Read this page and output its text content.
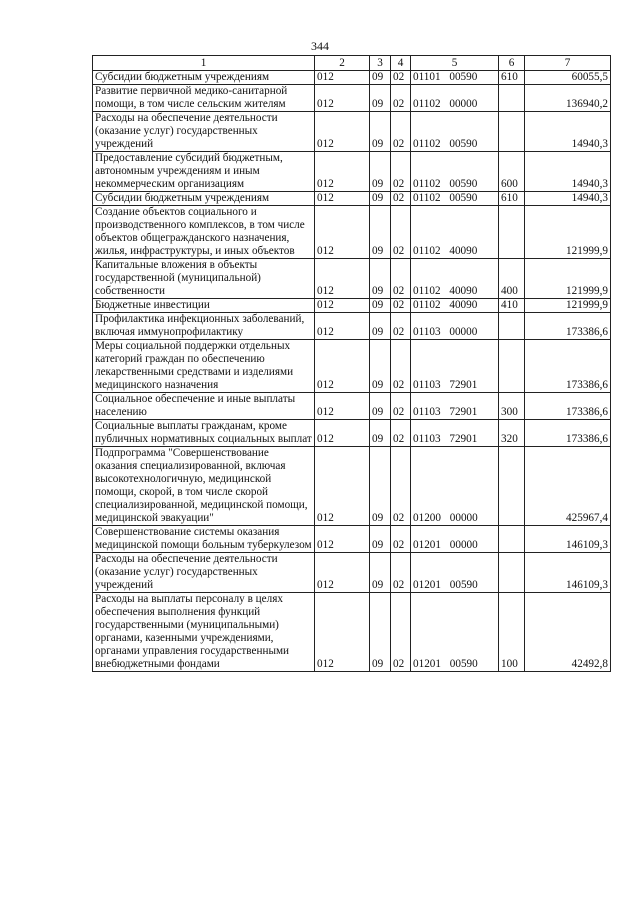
344
1	2	3	4	5	6	7
Субсидии бюджетным учреждениям	012	09	02	01101 00590	610	60055,5
Развитие первичной медико-санитарной помощи, в том числе сельским жителям	012	09	02	01102 00000		136940,2
Расходы на обеспечение деятельности (оказание услуг) государственных учреждений	012	09	02	01102 00590		14940,3
Предоставление субсидий бюджетным, автономным учреждениям и иным некоммерческим организациям	012	09	02	01102 00590	600	14940,3
Субсидии бюджетным учреждениям	012	09	02	01102 00590	610	14940,3
Создание объектов социального и производственного комплексов, в том числе объектов общегражданского назначения, жилья, инфраструктуры, и иных объектов	012	09	02	01102 40090		121999,9
Капитальные вложения в объекты государственной (муниципальной) собственности	012	09	02	01102 40090	400	121999,9
Бюджетные инвестиции	012	09	02	01102 40090	410	121999,9
Профилактика инфекционных заболеваний, включая иммунопрофилактику	012	09	02	01103 00000		173386,6
Меры социальной поддержки отдельных категорий граждан по обеспечению лекарственными средствами и изделиями медицинского назначения	012	09	02	01103 72901		173386,6
Социальное обеспечение и иные выплаты населению	012	09	02	01103 72901	300	173386,6
Социальные выплаты гражданам, кроме публичных нормативных социальных выплат	012	09	02	01103 72901	320	173386,6
Подпрограмма "Совершенствование оказания специализированной, включая высокотехнологичную, медицинской помощи, скорой, в том числе скорой специализированной, медицинской помощи, медицинской эвакуации"	012	09	02	01200 00000		425967,4
Совершенствование системы оказания медицинской помощи больным туберкулезом	012	09	02	01201 00000		146109,3
Расходы на обеспечение деятельности (оказание услуг) государственных учреждений	012	09	02	01201 00590		146109,3
Расходы на выплаты персоналу в целях обеспечения выполнения функций государственными (муниципальными) органами, казенными учреждениями, органами управления государственными внебюджетными фондами	012	09	02	01201 00590	100	42492,8
